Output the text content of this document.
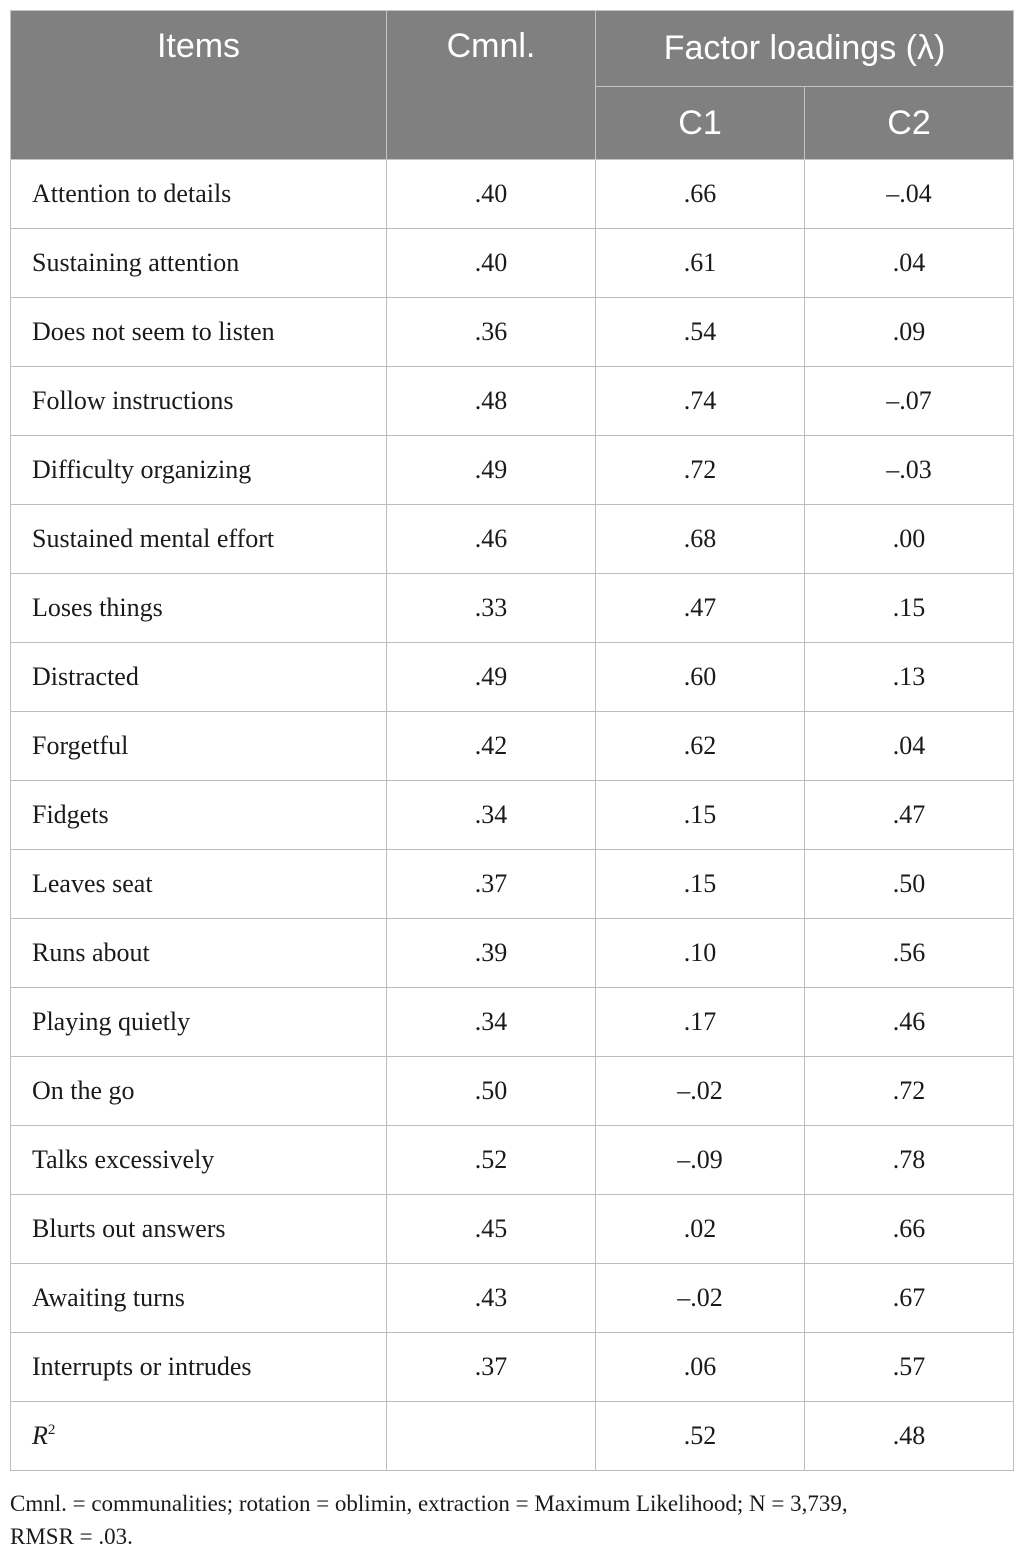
Items	Cmnl.	Factor loadings (λ)	
		C1	C2
Attention to details	.40	.66	–.04
Sustaining attention	.40	.61	.04
Does not seem to listen	.36	.54	.09
Follow instructions	.48	.74	–.07
Difficulty organizing	.49	.72	–.03
Sustained mental effort	.46	.68	.00
Loses things	.33	.47	.15
Distracted	.49	.60	.13
Forgetful	.42	.62	.04
Fidgets	.34	.15	.47
Leaves seat	.37	.15	.50
Runs about	.39	.10	.56
Playing quietly	.34	.17	.46
On the go	.50	–.02	.72
Talks excessively	.52	–.09	.78
Blurts out answers	.45	.02	.66
Awaiting turns	.43	–.02	.67
Interrupts or intrudes	.37	.06	.57
$R^2$		.52	.48
Cmnl. = communalities; rotation = oblimin, extraction = Maximum Likelihood; N = 3,739,
RMSR = .03.
